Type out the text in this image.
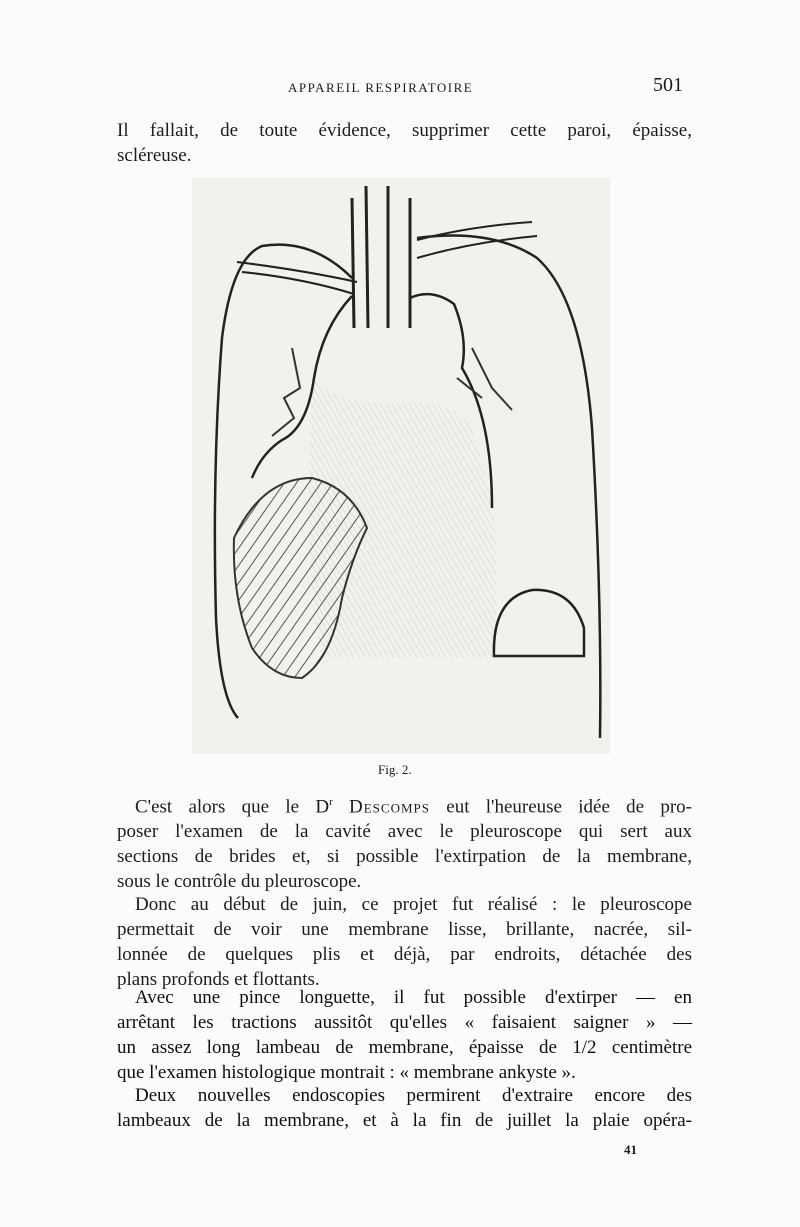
APPAREIL RESPIRATOIRE	501

Il fallait, de toute évidence, supprimer cette paroi, épaisse,
scléreuse.

Fig. 2.

C'est alors que le $D^r$ Descomps eut l'heureuse idée de pro-
poser l'examen de la cavité avec le pleuroscope qui sert aux
sections de brides et, si possible l'extirpation de la membrane,
sous le contrôle du pleuroscope.

Donc au début de juin, ce projet fut réalisé : le pleuroscope
permettait de voir une membrane lisse, brillante, nacrée, sil-
lonnée de quelques plis et déjà, par endroits, détachée des
plans profonds et flottants.

Avec une pince longuette, il fut possible d'extirper — en
arrêtant les tractions aussitôt qu'elles « faisaient saigner » —
un assez long lambeau de membrane, épaisse de 1/2 centimètre
que l'examen histologique montrait : « membrane ankyste ».

Deux nouvelles endoscopies permirent d'extraire encore des
lambeaux de la membrane, et à la fin de juillet la plaie opéra-

41
